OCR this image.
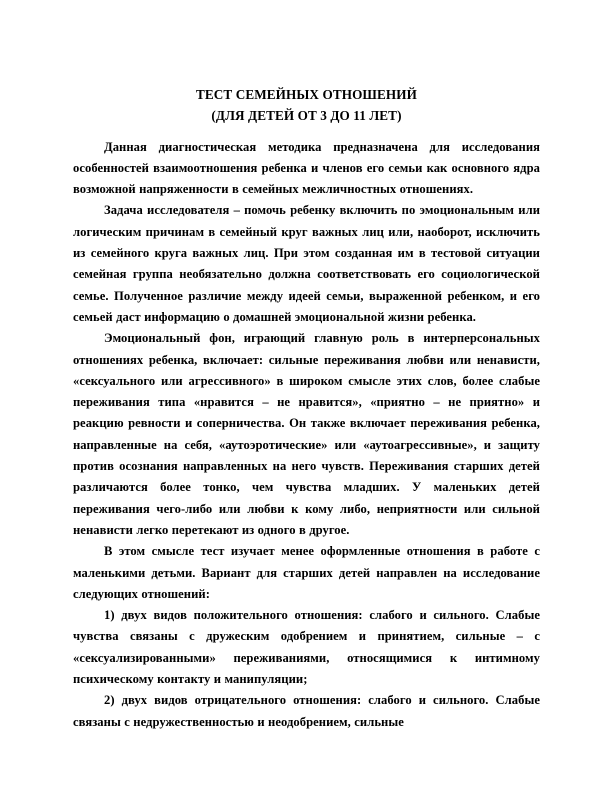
ТЕСТ СЕМЕЙНЫХ ОТНОШЕНИЙ
(ДЛЯ ДЕТЕЙ ОТ 3 ДО 11 ЛЕТ)

Данная диагностическая методика предназначена для исследования особенностей взаимоотношения ребенка и членов его семьи как основного ядра возможной напряженности в семейных межличностных отношениях.

Задача исследователя – помочь ребенку включить по эмоциональным или логическим причинам в семейный круг важных лиц или, наоборот, исключить из семейного круга важных лиц. При этом созданная им в тестовой ситуации семейная группа необязательно должна соответствовать его социологической семье. Полученное различие между идеей семьи, выраженной ребенком, и его семьей даст информацию о домашней эмоциональной жизни ребенка.

Эмоциональный фон, играющий главную роль в интерперсональных отношениях ребенка, включает: сильные переживания любви или ненависти, «сексуального или агрессивного» в широком смысле этих слов, более слабые переживания типа «нравится – не нравится», «приятно – не приятно» и реакцию ревности и соперничества. Он также включает переживания ребенка, направленные на себя, «аутоэротические» или «аутоагрессивные», и защиту против осознания направленных на него чувств. Переживания старших детей различаются более тонко, чем чувства младших. У маленьких детей переживания чего-либо или любви к кому либо, неприятности или сильной ненависти легко перетекают из одного в другое.

В этом смысле тест изучает менее оформленные отношения в работе с маленькими детьми. Вариант для старших детей направлен на исследование следующих отношений:

1) двух видов положительного отношения: слабого и сильного. Слабые чувства связаны с дружеским одобрением и принятием, сильные – с «сексуализированными» переживаниями, относящимися к интимному психическому контакту и манипуляции;

2) двух видов отрицательного отношения: слабого и сильного. Слабые связаны с недружественностью и неодобрением, сильные
